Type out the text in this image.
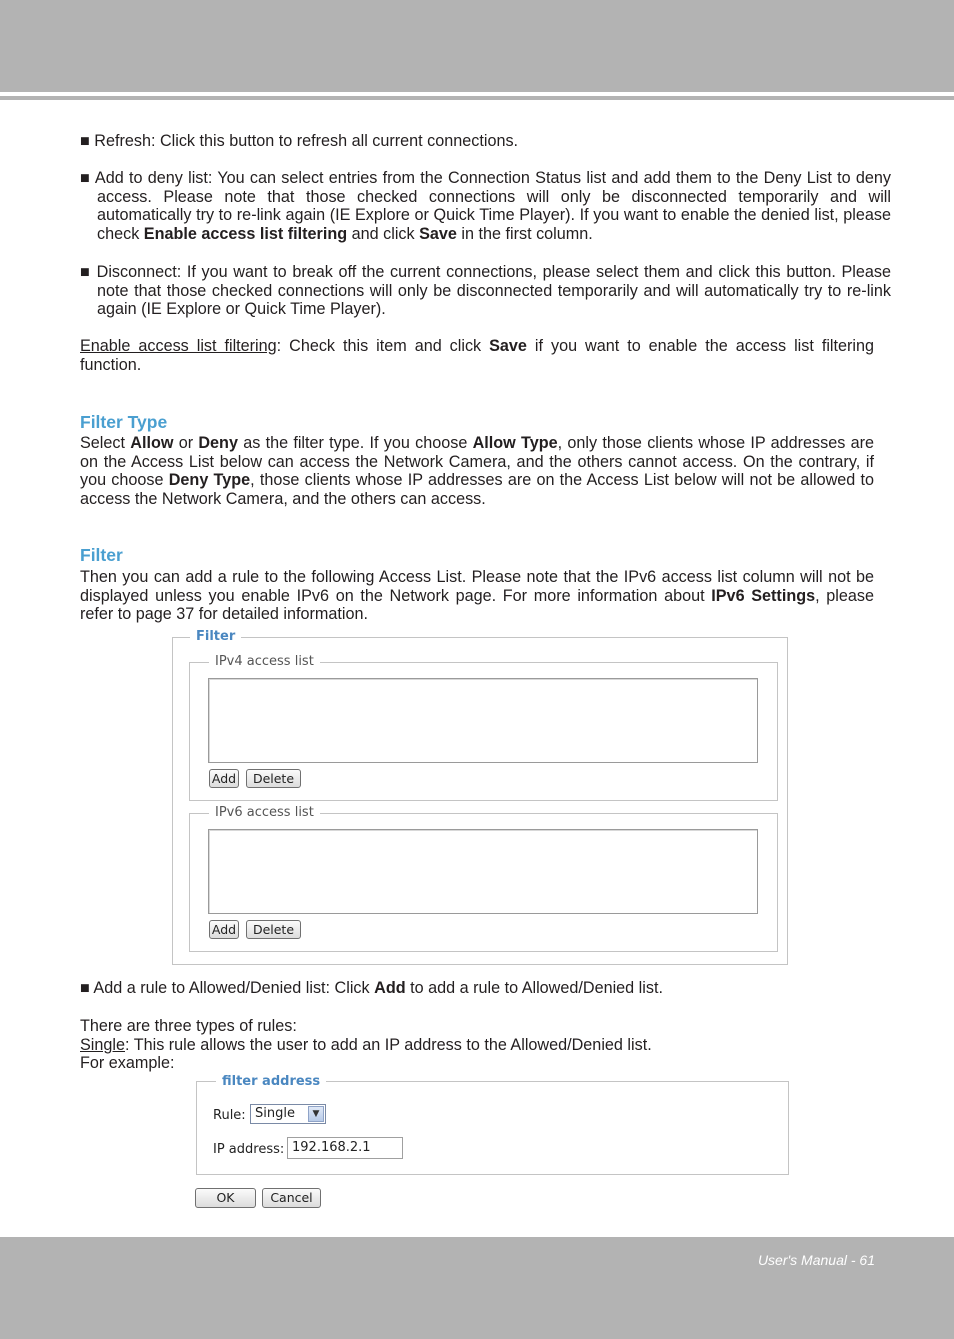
■ Refresh: Click this button to refresh all current connections.
■ Add to deny list: You can select entries from the Connection Status list and add them to the Deny List to deny access. Please note that those checked connections will only be disconnected temporarily and will automatically try to re-link again (IE Explore or Quick Time Player). If you want to enable the denied list, please check Enable access list filtering and click Save in the first column.
■ Disconnect: If you want to break off the current connections, please select them and click this button. Please note that those checked connections will only be disconnected temporarily and will automatically try to re-link again (IE Explore or Quick Time Player).
Enable access list filtering: Check this item and click Save if you want to enable the access list filtering function.
Filter Type
Select Allow or Deny as the filter type. If you choose Allow Type, only those clients whose IP addresses are on the Access List below can access the Network Camera, and the others cannot access. On the contrary, if you choose Deny Type, those clients whose IP addresses are on the Access List below will not be allowed to access the Network Camera, and the others can access.
Filter
Then you can add a rule to the following Access List. Please note that the IPv6 access list column will not be displayed unless you enable IPv6 on the Network page. For more information about IPv6 Settings, please refer to page 37 for detailed information.
Filter
IPv4 access list
Add	Delete
IPv6 access list
Add	Delete
■ Add a rule to Allowed/Denied list: Click Add to add a rule to Allowed/Denied list.
There are three types of rules:
Single: This rule allows the user to add an IP address to the Allowed/Denied list.
For example:
filter address
Rule: Single	▼
IP address: 192.168.2.1
OK	Cancel
User's Manual - 61
